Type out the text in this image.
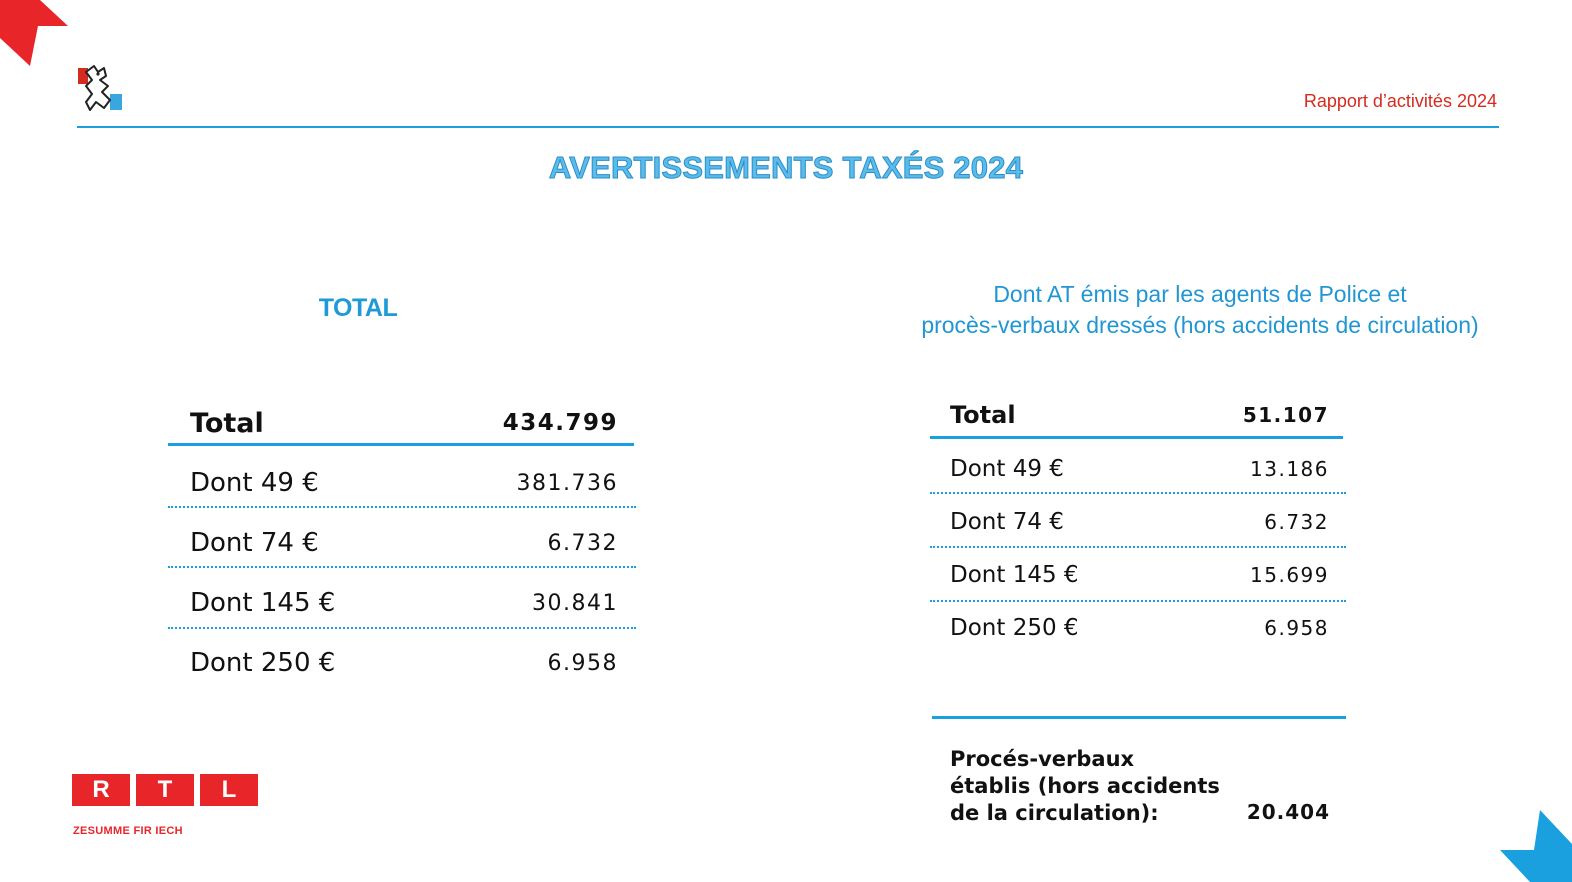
Rapport d’activités 2024
AVERTISSEMENTS TAXÉS 2024
TOTAL	Dont AT émis par les agents de Police et
procès-verbaux dressés (hors accidents de circulation)
Total	434.799
Dont 49 €	381.736
Dont 74 €	6.732
Dont 145 €	30.841
Dont 250 €	6.958
Total	51.107
Dont 49 €	13.186
Dont 74 €	6.732
Dont 145 €	15.699
Dont 250 €	6.958
Procés-verbaux
établis (hors accidents
de la circulation):	20.404
R	T	L
ZESUMME FIR IECH
